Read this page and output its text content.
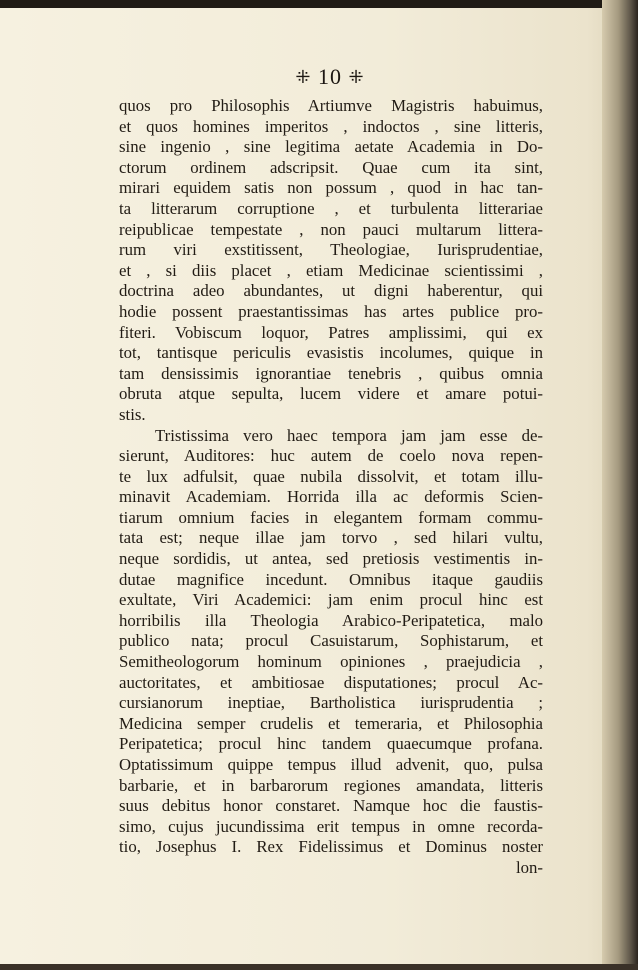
⁜ 10 ⁜
quos pro Philosophis Artiumve Magistris habuimus,
et quos homines imperitos , indoctos , sine litteris,
sine ingenio , sine legitima aetate Academia in Do-
ctorum ordinem adscripsit. Quae cum ita sint,
mirari equidem satis non possum , quod in hac tan-
ta litterarum corruptione , et turbulenta litterariae
reipublicae tempestate , non pauci multarum littera-
rum viri exstitissent, Theologiae, Iurisprudentiae,
et , si diis placet , etiam Medicinae scientissimi ,
doctrina adeo abundantes, ut digni haberentur, qui
hodie possent praestantissimas has artes publice pro-
fiteri. Vobiscum loquor, Patres amplissimi, qui ex
tot, tantisque periculis evasistis incolumes, quique in
tam densissimis ignorantiae tenebris , quibus omnia
obruta atque sepulta, lucem videre et amare potui-
stis.
Tristissima vero haec tempora jam jam esse de-
sierunt, Auditores: huc autem de coelo nova repen-
te lux adfulsit, quae nubila dissolvit, et totam illu-
minavit Academiam. Horrida illa ac deformis Scien-
tiarum omnium facies in elegantem formam commu-
tata est; neque illae jam torvo , sed hilari vultu,
neque sordidis, ut antea, sed pretiosis vestimentis in-
dutae magnifice incedunt. Omnibus itaque gaudiis
exultate, Viri Academici: jam enim procul hinc est
horribilis illa Theologia Arabico-Peripatetica, malo
publico nata; procul Casuistarum, Sophistarum, et
Semitheologorum hominum opiniones , praejudicia ,
auctoritates, et ambitiosae disputationes; procul Ac-
cursianorum ineptiae, Bartholistica iurisprudentia ;
Medicina semper crudelis et temeraria, et Philosophia
Peripatetica; procul hinc tandem quaecumque profana.
Optatissimum quippe tempus illud advenit, quo, pulsa
barbarie, et in barbarorum regiones amandata, litteris
suus debitus honor constaret. Namque hoc die faustis-
simo, cujus jucundissima erit tempus in omne recorda-
tio, Josephus I. Rex Fidelissimus et Dominus noster
lon-
